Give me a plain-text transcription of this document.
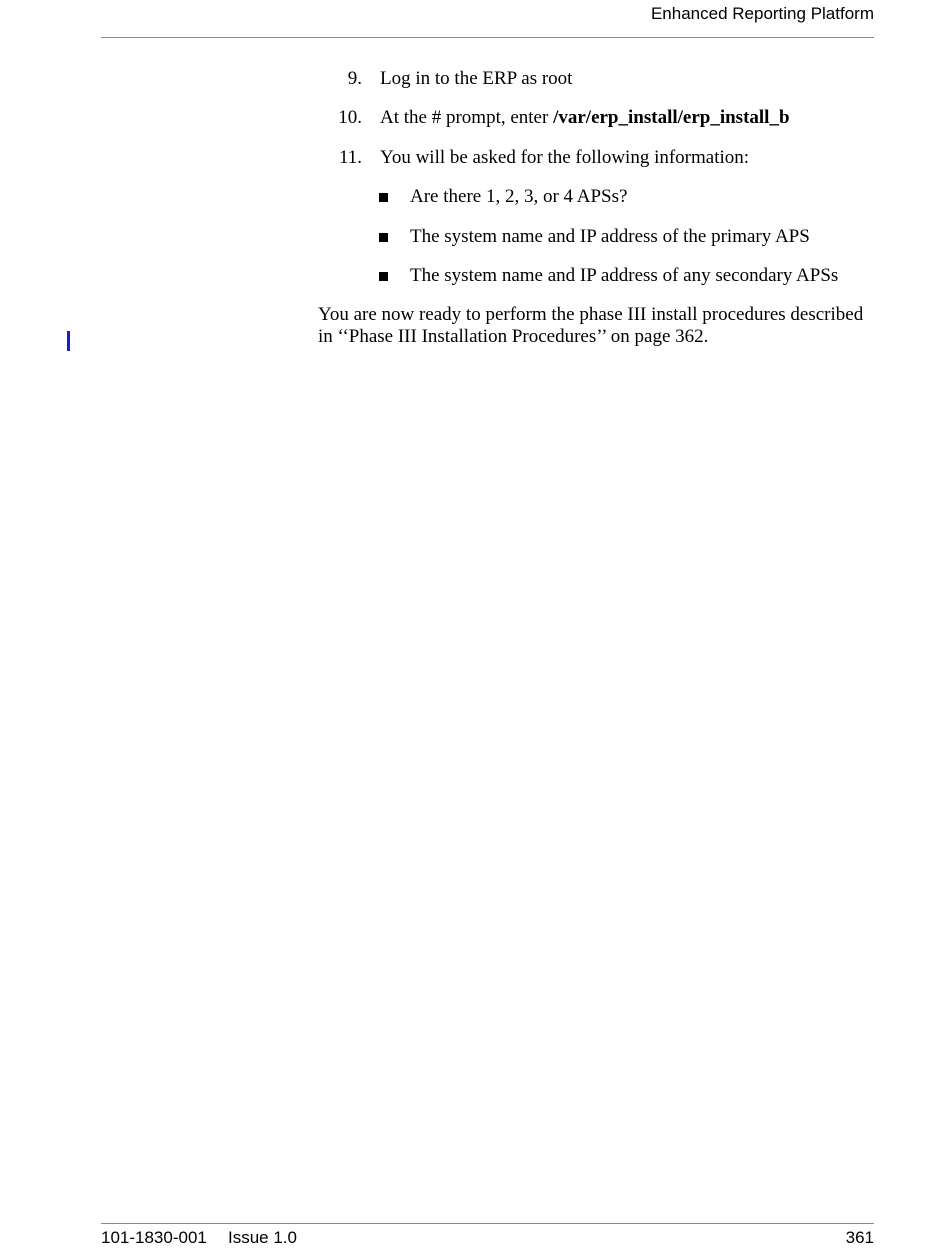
Enhanced Reporting Platform
9. Log in to the ERP as root
10. At the # prompt, enter /var/erp_install/erp_install_b
11. You will be asked for the following information:
Are there 1, 2, 3, or 4 APSs?
The system name and IP address of the primary APS
The system name and IP address of any secondary APSs
You are now ready to perform the phase III install procedures described in ‘‘Phase III Installation Procedures’’ on page 362.
101-1830-001 Issue 1.0	361
